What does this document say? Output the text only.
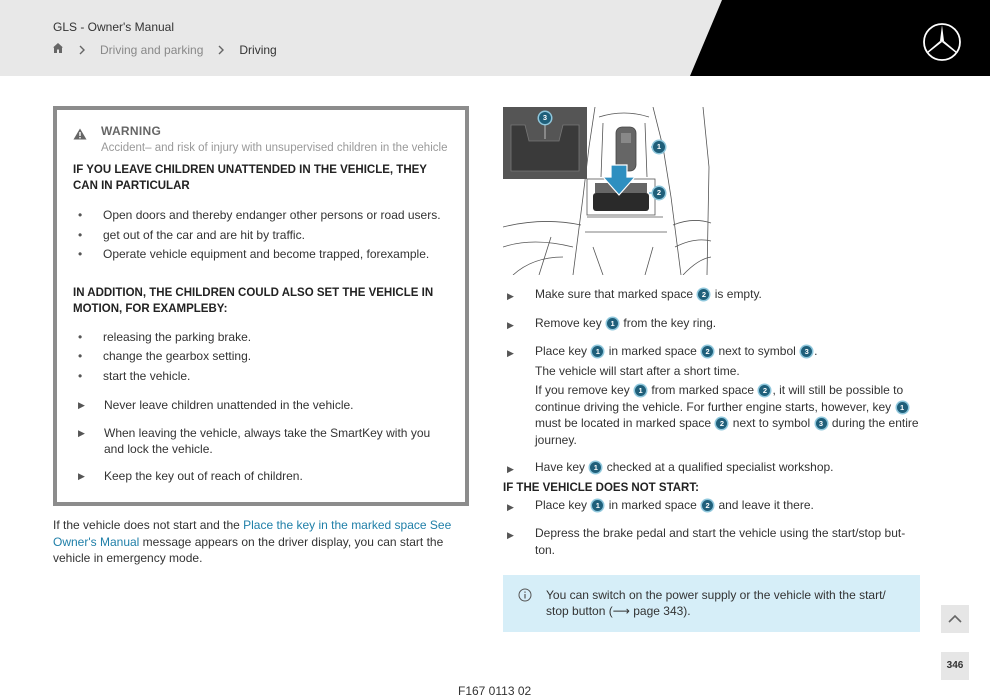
GLS - Owner's Manual
Driving and parking	Driving
WARNING
Accident– and risk of injury with unsupervised children in the vehicle
IF YOU LEAVE CHILDREN UNATTENDED IN THE VEHICLE, THEY CAN IN PARTICULAR
• Open doors and thereby endanger other persons or road users.
• get out of the car and are hit by traffic.
• Operate vehicle equipment and become trapped, forexample.
IN ADDITION, THE CHILDREN COULD ALSO SET THE VEHICLE IN MOTION, FOR EXAMPLEBY:
• releasing the parking brake.
• change the gearbox setting.
• start the vehicle.
▶ Never leave children unattended in the vehicle.
▶ When leaving the vehicle, always take the SmartKey with you and lock the vehicle.
▶ Keep the key out of reach of children.
If the vehicle does not start and the Place the key in the marked space See Owner's Manual message appears on the driver display, you can start the vehicle in emergency mode.
3
1
2
▶ Make sure that marked space 2 is empty.
▶ Remove key 1 from the key ring.
▶ Place key 1 in marked space 2 next to symbol 3 .
The vehicle will start after a short time.
If you remove key 1 from marked space 2 , it will still be possible to continue driving the vehicle. For further engine starts, however, key 1 must be located in marked space 2 next to symbol 3 during the entire journey.
▶ Have key 1 checked at a qualified specialist workshop.
IF THE VEHICLE DOES NOT START:
▶ Place key 1 in marked space 2 and leave it there.
▶ Depress the brake pedal and start the vehicle using the start/stop but- ton.
You can switch on the power supply or the vehicle with the start/ stop button (⟶ page 343).
346
F167 0113 02
